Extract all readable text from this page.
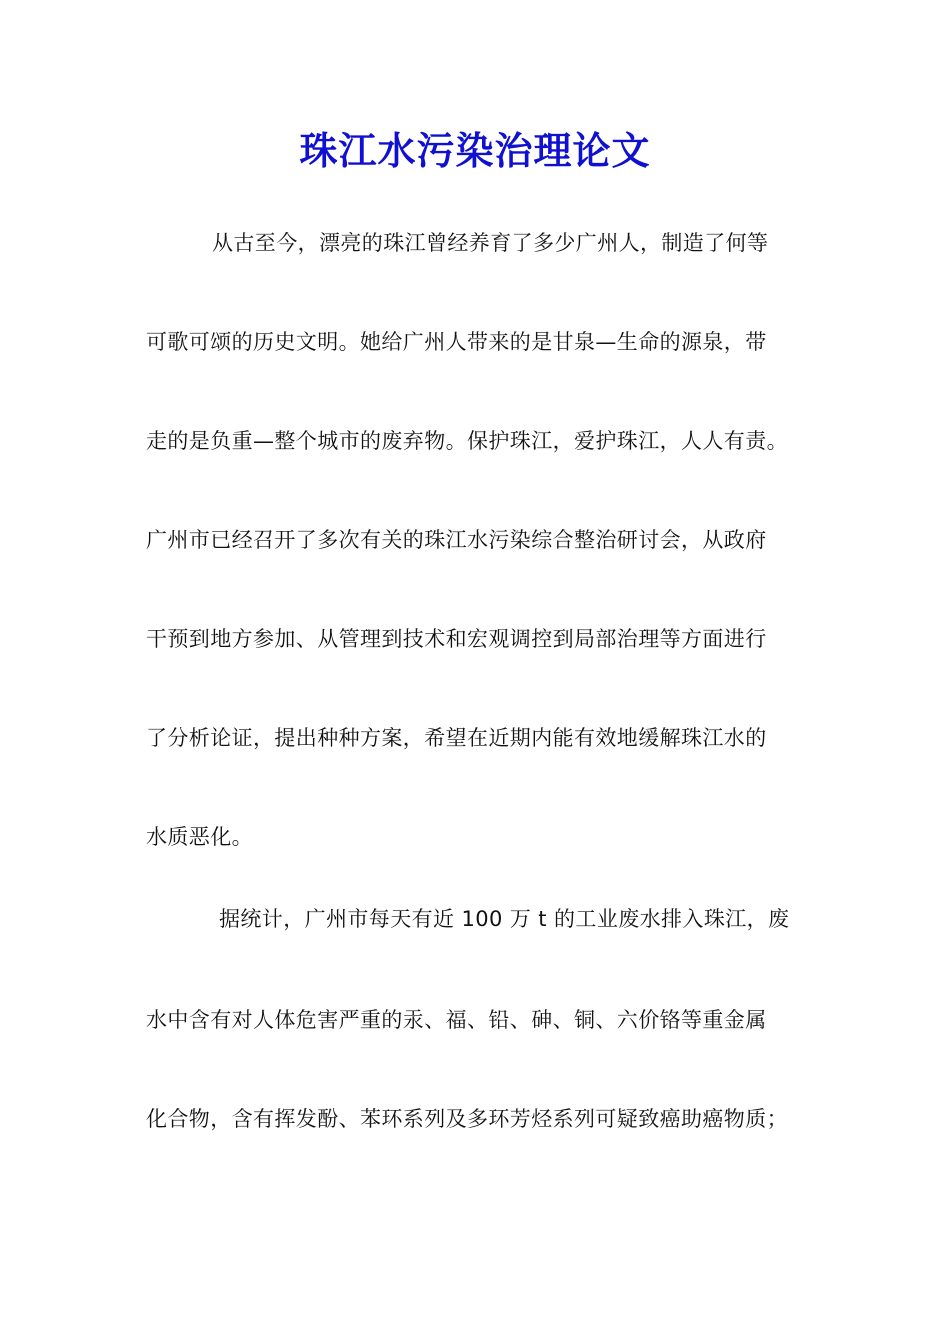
珠江水污染治理论文

从古至今，漂亮的珠江曾经养育了多少广州人，制造了何等

可歌可颂的历史文明。她给广州人带来的是甘泉—生命的源泉，带

走的是负重—整个城市的废弃物。保护珠江，爱护珠江，人人有责。

广州市已经召开了多次有关的珠江水污染综合整治研讨会，从政府

干预到地方参加、从管理到技术和宏观调控到局部治理等方面进行

了分析论证，提出种种方案，希望在近期内能有效地缓解珠江水的

水质恶化。

据统计，广州市每天有近 100 万 t 的工业废水排入珠江，废

水中含有对人体危害严重的汞、福、铅、砷、铜、六价铬等重金属

化合物，含有挥发酚、苯环系列及多环芳烃系列可疑致癌助癌物质；
